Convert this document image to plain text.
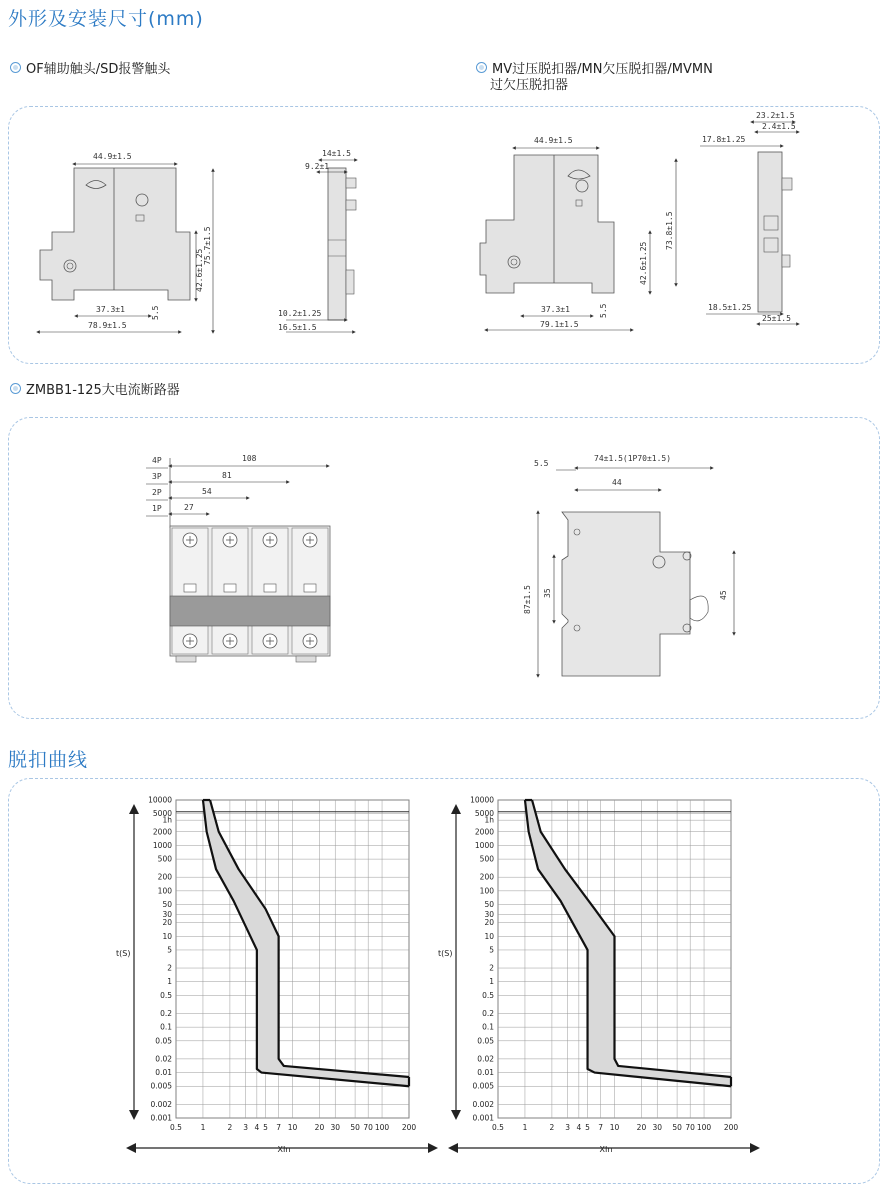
外形及安装尺寸(mm)
OF辅助触头/SD报警触头	MV过压脱扣器/MN欠压脱扣器/MVMN
过欠压脱扣器
ZMBB1-125大电流断路器
脱扣曲线
44.9±1.5
75.7±1.5
42.6±1.25
37.3±1
78.9±1.5
5.5
14±1.5
9.2±1
10.2±1.25
16.5±1.5
44.9±1.5
73.8±1.5
42.6±1.25
37.3±1
79.1±1.5
5.5
23.2±1.5
2.4±1.5
17.8±1.25
18.5±1.25
25±1.5
4P
3P
2P
1P
108
81
54
27
5.5
74±1.5(1P70±1.5)
44
87±1.5 35	45
0.5 1	2 3 4 5 7 10 20 30 50 70 100 200
10000
5000
1h
2000
1000
500
200
100
50
30
20
10
5
2
1
0.5
0.2
0.1
0.05
0.02
0.01
0.005
0.002
0.001
t(S)
XIn
0.5 1	2 3 4 5 7 10 20 30 50 70 100 200
10000
5000
1h
2000
1000
500
200
100
50
30
20
10
5
2
1
0.5
0.2
0.1
0.05
0.02
0.01
0.005
0.002
0.001
t(S)
XIn
